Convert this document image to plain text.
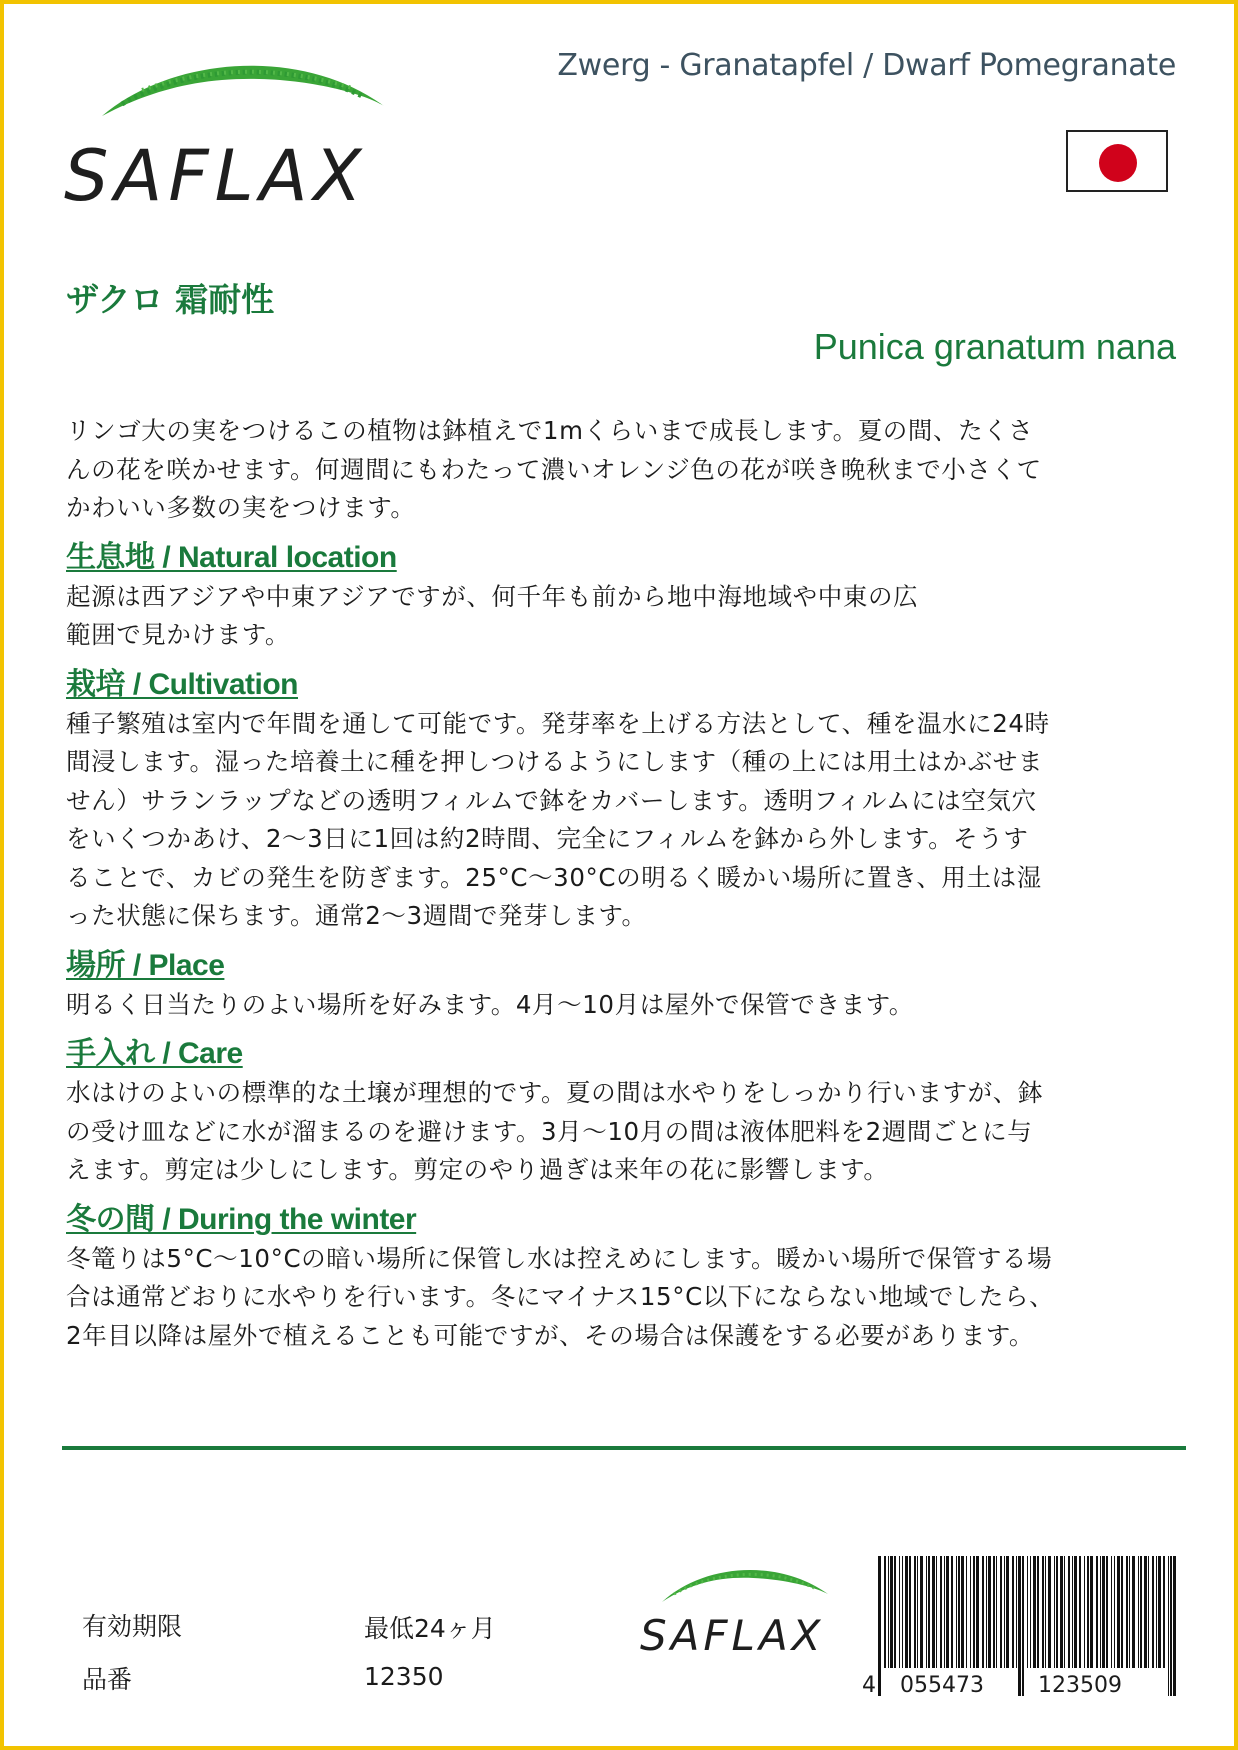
SAFLAX
Zwerg - Granatapfel / Dwarf Pomegranate
ザクロ 霜耐性
Punica granatum nana

リンゴ大の実をつけるこの植物は鉢植えで1mくらいまで成長します。夏の間、たくさ
んの花を咲かせます。何週間にもわたって濃いオレンジ色の花が咲き晩秋まで小さくて
かわいい多数の実をつけます。

生息地 / Natural location

起源は西アジアや中東アジアですが、何千年も前から地中海地域や中東の広
範囲で見かけます。

栽培 / Cultivation

種子繁殖は室内で年間を通して可能です。発芽率を上げる方法として、種を温水に24時
間浸します。湿った培養土に種を押しつけるようにします（種の上には用土はかぶせま
せん）サランラップなどの透明フィルムで鉢をカバーします。透明フィルムには空気穴
をいくつかあけ、2～3日に1回は約2時間、完全にフィルムを鉢から外します。そうす
ることで、カビの発生を防ぎます。25°C～30°Cの明るく暖かい場所に置き、用土は湿
った状態に保ちます。通常2～3週間で発芽します。

場所 / Place

明るく日当たりのよい場所を好みます。4月～10月は屋外で保管できます。

手入れ / Care

水はけのよいの標準的な土壌が理想的です。夏の間は水やりをしっかり行いますが、鉢
の受け皿などに水が溜まるのを避けます。3月～10月の間は液体肥料を2週間ごとに与
えます。剪定は少しにします。剪定のやり過ぎは来年の花に影響します。

冬の間 / During the winter

冬篭りは5°C～10°Cの暗い場所に保管し水は控えめにします。暖かい場所で保管する場
合は通常どおりに水やりを行います。冬にマイナス15°C以下にならない地域でしたら、
2年目以降は屋外で植えることも可能ですが、その場合は保護をする必要があります。

有効期限	最低24ヶ月
品番	12350
SAFLAX
4 055473 123509
